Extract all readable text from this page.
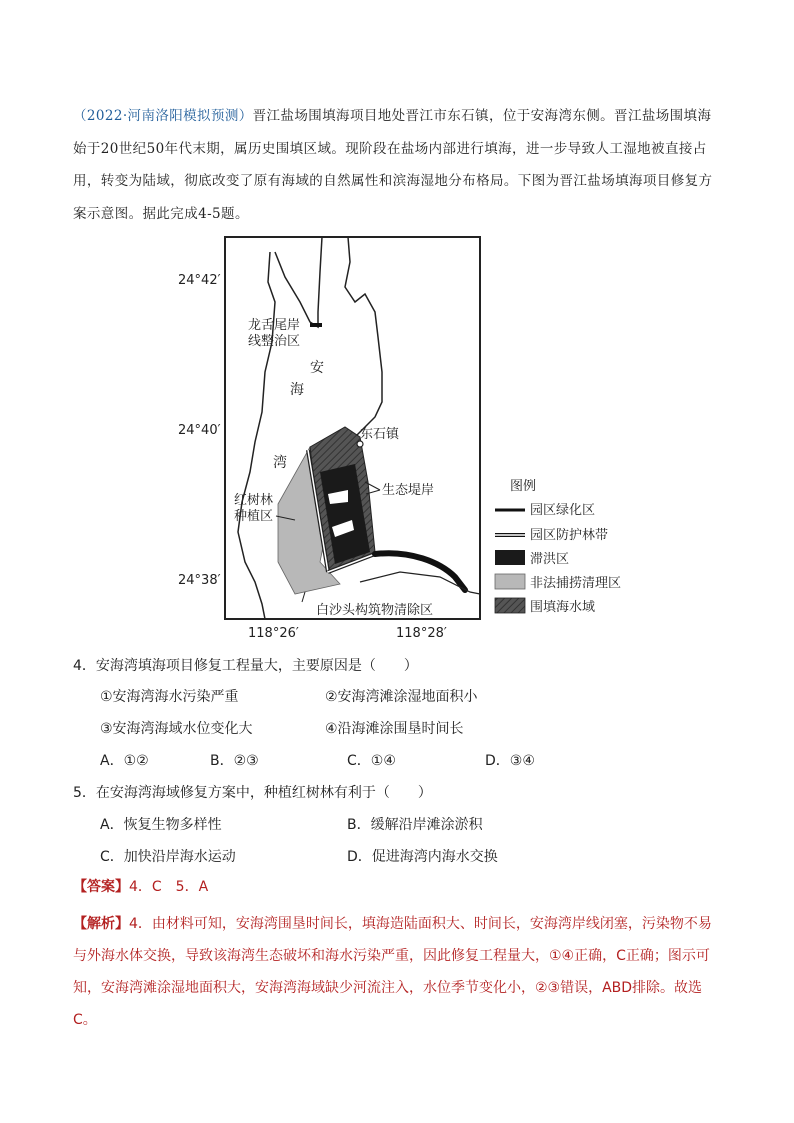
（2022·河南洛阳模拟预测）晋江盐场围填海项目地处晋江市东石镇，位于安海湾东侧。晋江盐场围填海始于20世纪50年代末期，属历史围填区域。现阶段在盐场内部进行填海，进一步导致人工湿地被直接占用，转变为陆域，彻底改变了原有海域的自然属性和滨海湿地分布格局。下图为晋江盐场填海项目修复方案示意图。据此完成4-5题。
24°42′
24°40′
24°38′
118°26′	118°28′
龙舌尾岸
线整治区
安
海
湾
东石镇
生态堤岸
红树林
种植区
白沙头构筑物清除区
图例
园区绿化区
园区防护林带
滞洪区
非法捕捞清理区
围填海水域
4．安海湾填海项目修复工程量大，主要原因是（　　）
①安海湾海水污染严重	②安海湾滩涂湿地面积小
③安海湾海域水位变化大	④沿海滩涂围垦时间长
A．①②	B．②③	C．①④	D．③④
5．在安海湾海域修复方案中，种植红树林有利于（　　）
A．恢复生物多样性	B．缓解沿岸滩涂淤积
C．加快沿岸海水运动	D．促进海湾内海水交换
【答案】4．C　5．A
【解析】4．由材料可知，安海湾围垦时间长，填海造陆面积大、时间长，安海湾岸线闭塞，污染物不易与外海水体交换，导致该海湾生态破坏和海水污染严重，因此修复工程量大，①④正确，C正确；图示可知，安海湾滩涂湿地面积大，安海湾海域缺少河流注入，水位季节变化小，②③错误，ABD排除。故选C。
